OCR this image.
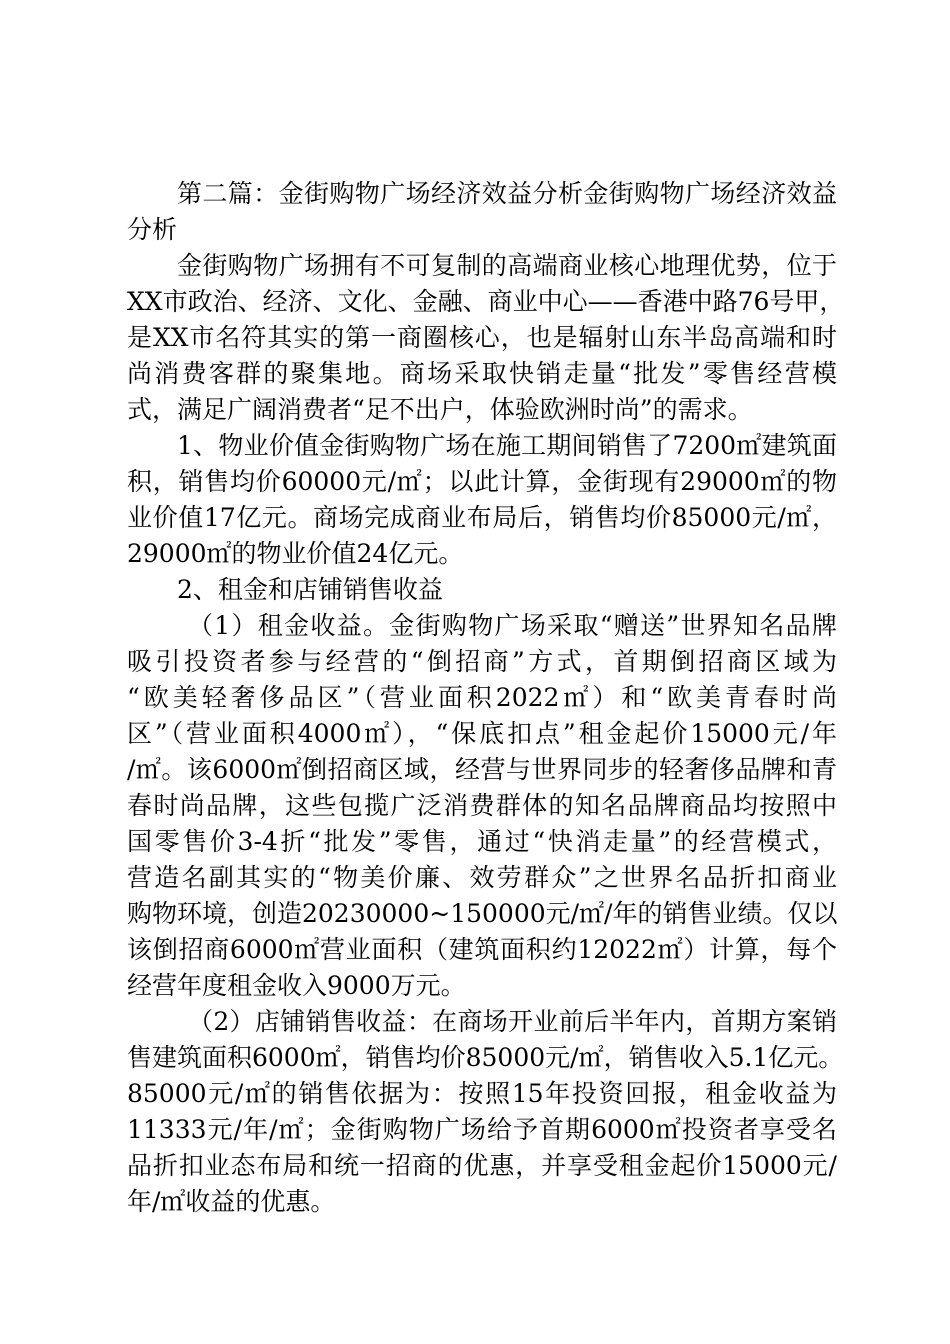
第二篇：金街购物广场经济效益分析金街购物广场经济效益
分析
金街购物广场拥有不可复制的高端商业核心地理优势，位于
XX市政治、经济、文化、金融、商业中心——香港中路76号甲，
是XX市名符其实的第一商圈核心，也是辐射山东半岛高端和时
尚消费客群的聚集地。商场采取快销走量“批发”零售经营模
式，满足广阔消费者“足不出户，体验欧洲时尚”的需求。
1、物业价值金街购物广场在施工期间销售了7200㎡建筑面
积，销售均价60000元/㎡；以此计算，金街现有29000㎡的物
业价值17亿元。商场完成商业布局后，销售均价85000元/㎡，
29000㎡的物业价值24亿元。
2、租金和店铺销售收益
（1）租金收益。金街购物广场采取“赠送”世界知名品牌
吸引投资者参与经营的“倒招商”方式，首期倒招商区域为
“欧美轻奢侈品区”（营业面积2022㎡）和“欧美青春时尚
区”（营业面积4000㎡），“保底扣点”租金起价15000元/年
/㎡。该6000㎡倒招商区域，经营与世界同步的轻奢侈品牌和青
春时尚品牌，这些包揽广泛消费群体的知名品牌商品均按照中
国零售价3-4折“批发”零售，通过“快消走量”的经营模式，
营造名副其实的“物美价廉、效劳群众”之世界名品折扣商业
购物环境，创造20230000~150000元/㎡/年的销售业绩。仅以
该倒招商6000㎡营业面积（建筑面积约12022㎡）计算，每个
经营年度租金收入9000万元。
（2）店铺销售收益：在商场开业前后半年内，首期方案销
售建筑面积6000㎡，销售均价85000元/㎡，销售收入5.1亿元。
85000元/㎡的销售依据为：按照15年投资回报，租金收益为
11333元/年/㎡；金街购物广场给予首期6000㎡投资者享受名
品折扣业态布局和统一招商的优惠，并享受租金起价15000元/
年/㎡收益的优惠。
